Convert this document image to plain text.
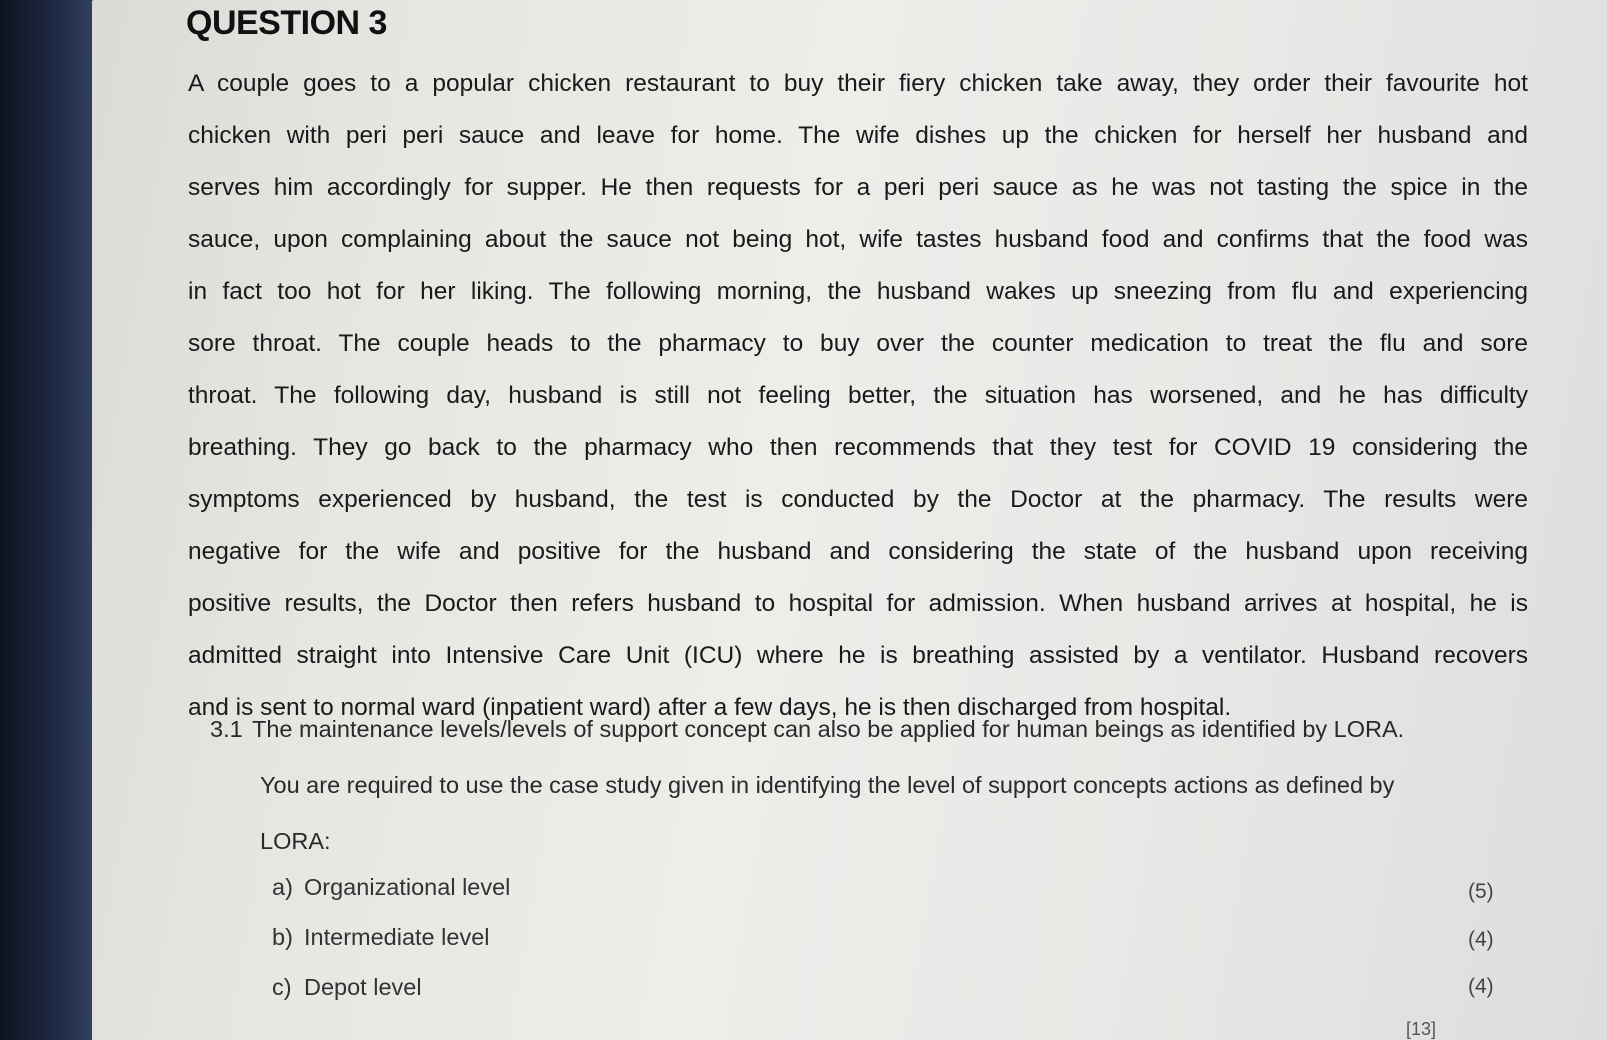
QUESTION 3
A couple goes to a popular chicken restaurant to buy their fiery chicken take away, they order their favourite hot
chicken with peri peri sauce and leave for home. The wife dishes up the chicken for herself her husband and
serves him accordingly for supper. He then requests for a peri peri sauce as he was not tasting the spice in the
sauce, upon complaining about the sauce not being hot, wife tastes husband food and confirms that the food was
in fact too hot for her liking. The following morning, the husband wakes up sneezing from flu and experiencing
sore throat. The couple heads to the pharmacy to buy over the counter medication to treat the flu and sore
throat. The following day, husband is still not feeling better, the situation has worsened, and he has difficulty
breathing. They go back to the pharmacy who then recommends that they test for COVID 19 considering the
symptoms experienced by husband, the test is conducted by the Doctor at the pharmacy. The results were
negative for the wife and positive for the husband and considering the state of the husband upon receiving
positive results, the Doctor then refers husband to hospital for admission. When husband arrives at hospital, he is
admitted straight into Intensive Care Unit (ICU) where he is breathing assisted by a ventilator. Husband recovers
and is sent to normal ward (inpatient ward) after a few days, he is then discharged from hospital.
3.1 The maintenance levels/levels of support concept can also be applied for human beings as identified by LORA.
You are required to use the case study given in identifying the level of support concepts actions as defined by
LORA:
a) Organizational level
b) Intermediate level
c) Depot level
(5)
(4)
(4)
[13]
